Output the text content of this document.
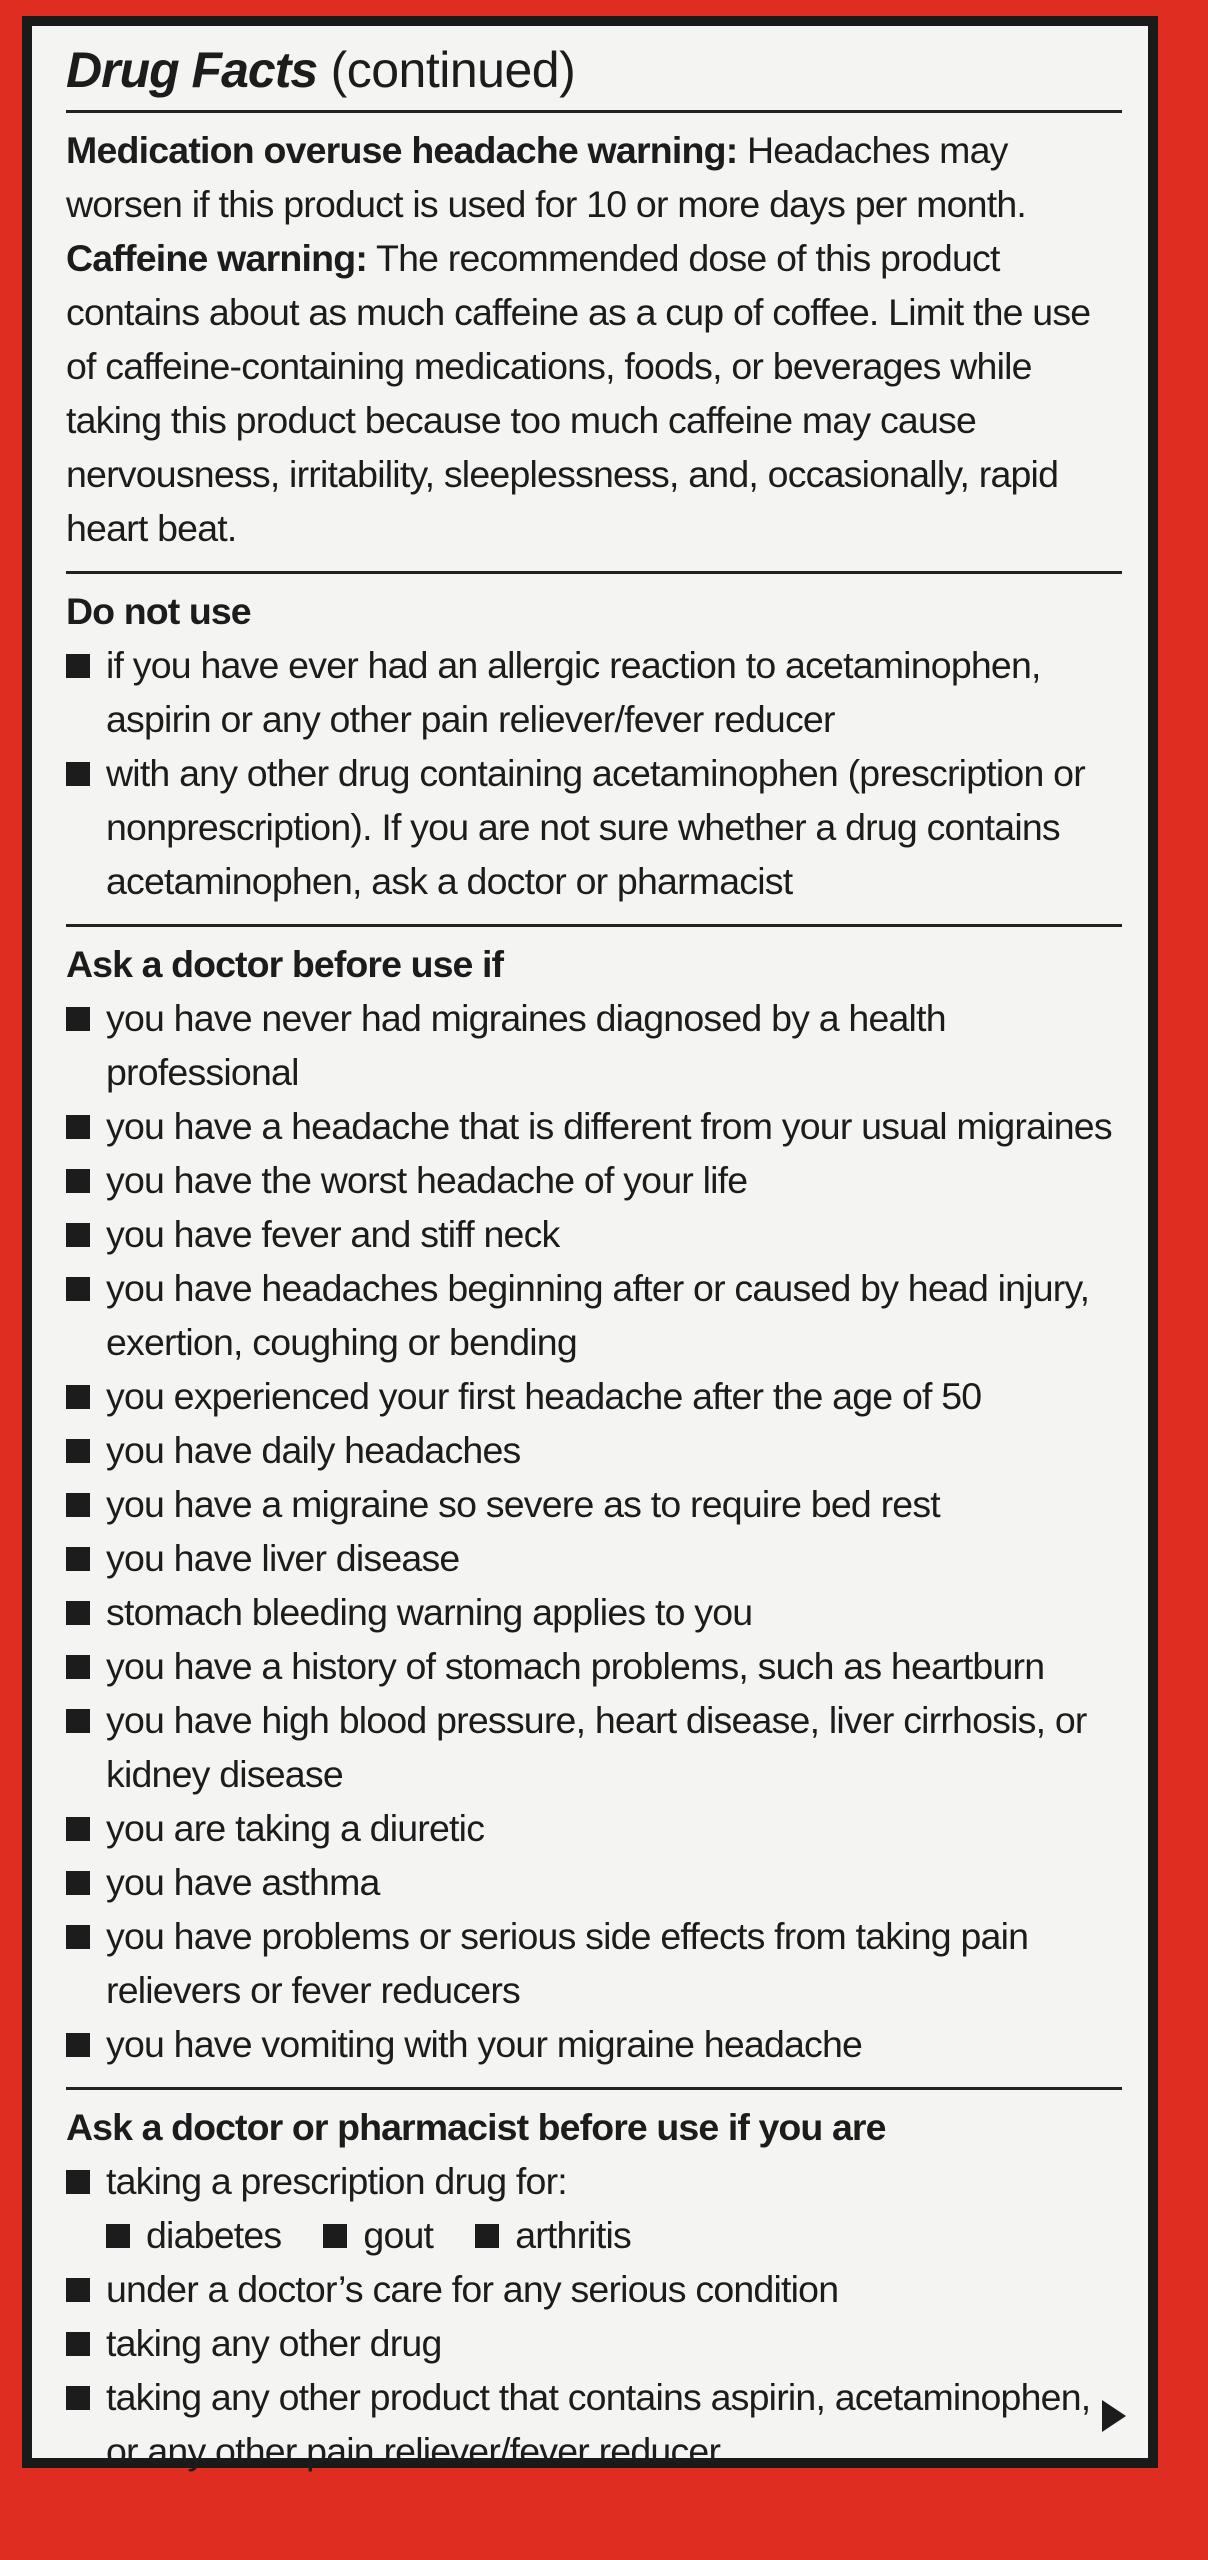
Drug Facts (continued)

Medication overuse headache warning: Headaches may worsen if this product is used for 10 or more days per month.

Caffeine warning: The recommended dose of this product contains about as much caffeine as a cup of coffee. Limit the use of caffeine-containing medications, foods, or beverages while taking this product because too much caffeine may cause nervousness, irritability, sleeplessness, and, occasionally, rapid heart beat.

Do not use
if you have ever had an allergic reaction to acetaminophen, aspirin or any other pain reliever/fever reducer
with any other drug containing acetaminophen (prescription or nonprescription). If you are not sure whether a drug contains acetaminophen, ask a doctor or pharmacist
Ask a doctor before use if
you have never had migraines diagnosed by a health professional
you have a headache that is different from your usual migraines
you have the worst headache of your life
you have fever and stiff neck
you have headaches beginning after or caused by head injury, exertion, coughing or bending
you experienced your first headache after the age of 50
you have daily headaches
you have a migraine so severe as to require bed rest
you have liver disease
stomach bleeding warning applies to you
you have a history of stomach problems, such as heartburn
you have high blood pressure, heart disease, liver cirrhosis, or kidney disease
you are taking a diuretic
you have asthma
you have problems or serious side effects from taking pain relievers or fever reducers
you have vomiting with your migraine headache
Ask a doctor or pharmacist before use if you are
taking a prescription drug for:
diabetes gout arthritis
under a doctor’s care for any serious condition
taking any other drug
taking any other product that contains aspirin, acetaminophen, or any other pain reliever/fever reducer
